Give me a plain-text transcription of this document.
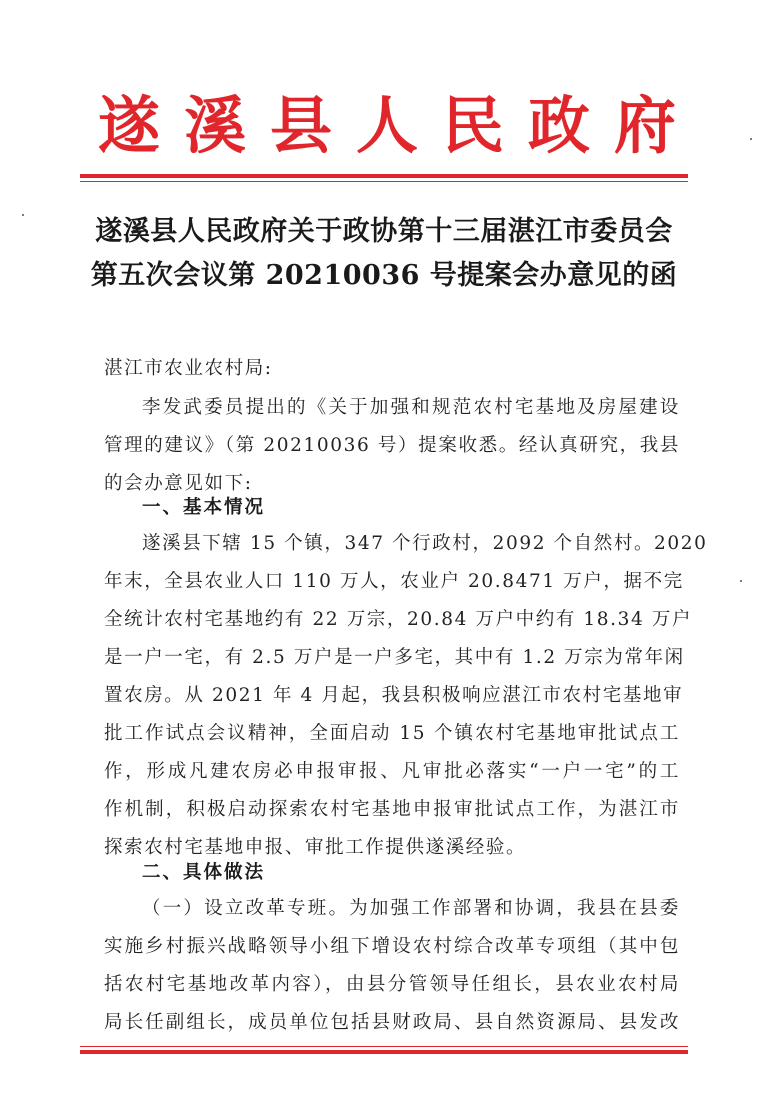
遂溪县人民政府
遂溪县人民政府关于政协第十三届湛江市委员会
第五次会议第 20210036 号提案会办意见的函
湛江市农业农村局:
李发武委员提出的《关于加强和规范农村宅基地及房屋建设
管理的建议》（第 20210036 号）提案收悉。经认真研究，我县
的会办意见如下:
一、基本情况
遂溪县下辖 15 个镇，347 个行政村，2092 个自然村。2020
年末，全县农业人口 110 万人，农业户 20.8471 万户，据不完
全统计农村宅基地约有 22 万宗，20.84 万户中约有 18.34 万户
是一户一宅，有 2.5 万户是一户多宅，其中有 1.2 万宗为常年闲
置农房。从 2021 年 4 月起，我县积极响应湛江市农村宅基地审
批工作试点会议精神，全面启动 15 个镇农村宅基地审批试点工
作，形成凡建农房必申报审报、凡审批必落实“一户一宅”的工
作机制，积极启动探索农村宅基地申报审批试点工作，为湛江市
探索农村宅基地申报、审批工作提供遂溪经验。
二、具体做法
（一）设立改革专班。为加强工作部署和协调，我县在县委
实施乡村振兴战略领导小组下增设农村综合改革专项组（其中包
括农村宅基地改革内容），由县分管领导任组长，县农业农村局
局长任副组长，成员单位包括县财政局、县自然资源局、县发改
